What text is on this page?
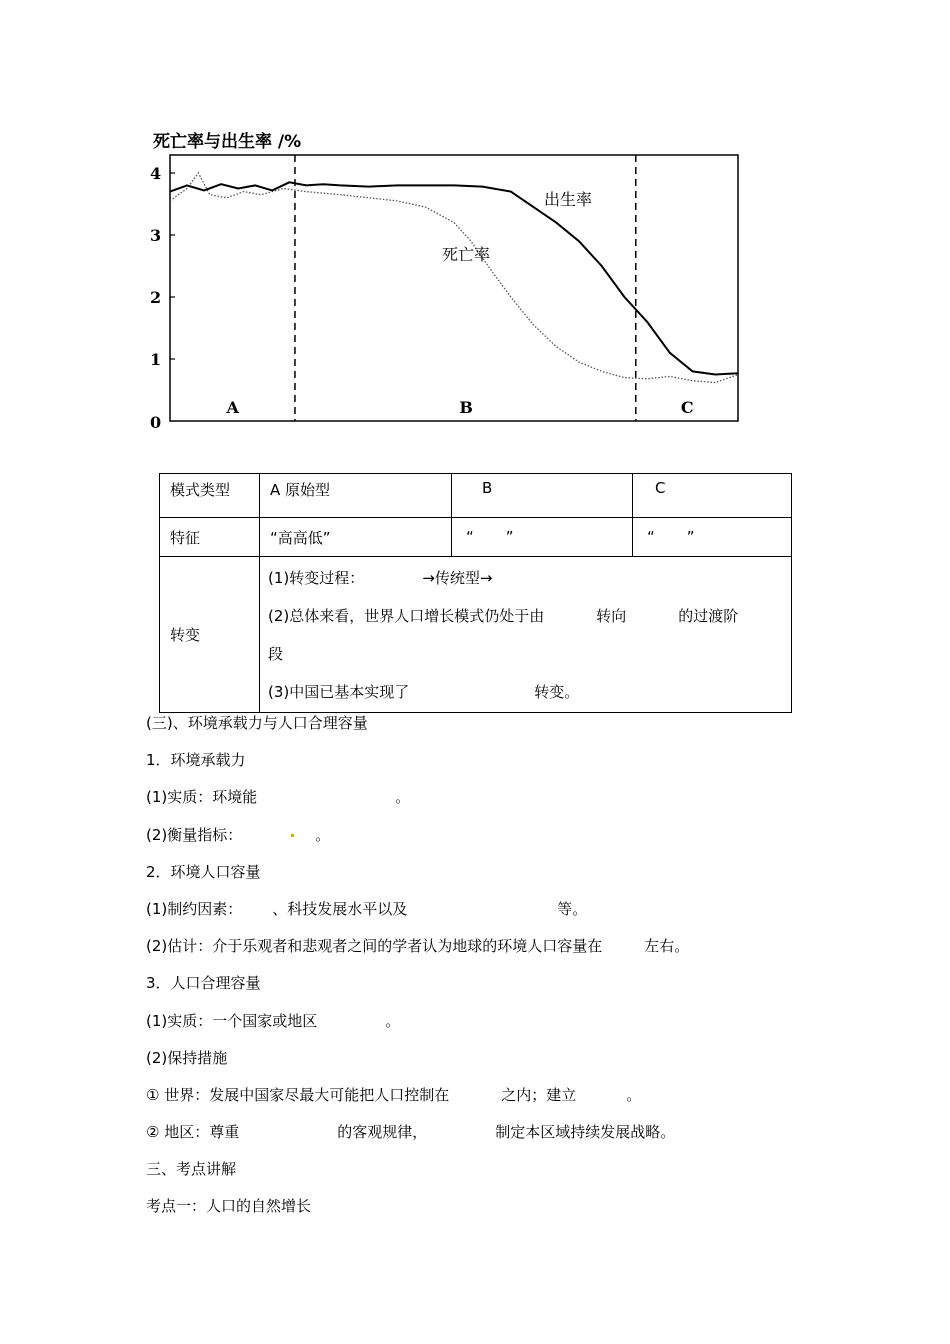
死亡率与出生率 /%
0
1
2
3
4
A	B	C
出生率
死亡率
模式类型	A 原始型	B	C
特征	“高高低”	“ ”	“ ”
转变	(1)转变过程： →传统型→
(2)总体来看，世界人口增长模式仍处于由 转向 的过渡阶
段
(3)中国已基本实现了 转变。		
(三)、环境承载力与人口合理容量
1．环境承载力
(1)实质：环境能	。
(2)衡量指标：	。
2．环境人口容量
(1)制约因素： 、科技发展水平以及	等。
(2)估计：介于乐观者和悲观者之间的学者认为地球的环境人口容量在	左右。
3．人口合理容量
(1)实质：一个国家或地区	。
(2)保持措施
① 世界：发展中国家尽最大可能把人口控制在	之内；建立	。
② 地区：尊重	的客观规律，	制定本区域持续发展战略。
三、考点讲解
考点一：人口的自然增长
